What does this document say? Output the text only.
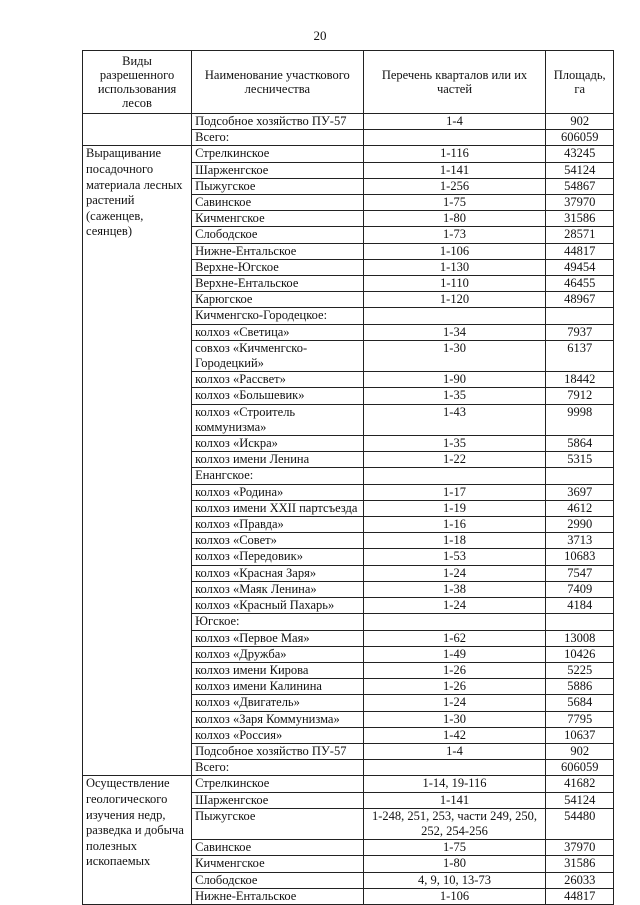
20
Виды разрешенного использования лесов	Наименование участкового лесничества	Перечень кварталов или их частей	Площадь, га
	Подсобное хозяйство ПУ-57	1-4	902
	Всего:		606059

Выращивание посадочного материала лесных растений (саженцев, сеянцев)	Стрелкинское	1-116	43245
	Шарженгское	1-141	54124
	Пыжугское	1-256	54867
	Савинское	1-75	37970
	Кичменгское	1-80	31586
	Слободское	1-73	28571
	Нижне-Ентальское	1-106	44817
	Верхне-Югское	1-130	49454
	Верхне-Ентальское	1-110	46455
	Карюгское	1-120	48967
	Кичменгско-Городецкое:		
	колхоз «Светица»	1-34	7937
	совхоз «Кичменгско-Городецкий»	1-30	6137
	колхоз «Рассвет»	1-90	18442
	колхоз «Большевик»	1-35	7912
	колхоз «Строитель коммунизма»	1-43	9998
	колхоз «Искра»	1-35	5864
	колхоз имени Ленина	1-22	5315
	Енангское:		
	колхоз «Родина»	1-17	3697
	колхоз имени XXII партсъезда	1-19	4612
	колхоз «Правда»	1-16	2990
	колхоз «Совет»	1-18	3713
	колхоз «Передовик»	1-53	10683
	колхоз «Красная Заря»	1-24	7547
	колхоз «Маяк Ленина»	1-38	7409
	колхоз «Красный Пахарь»	1-24	4184
	Югское:		
	колхоз «Первое Мая»	1-62	13008
	колхоз «Дружба»	1-49	10426
	колхоз имени Кирова	1-26	5225
	колхоз имени Калинина	1-26	5886
	колхоз «Двигатель»	1-24	5684
	колхоз «Заря Коммунизма»	1-30	7795
	колхоз «Россия»	1-42	10637
	Подсобное хозяйство ПУ-57	1-4	902
	Всего:		606059

Осуществление геологического изучения недр, разведка и добыча полезных ископаемых	Стрелкинское	1-14, 19-116	41682
	Шарженгское	1-141	54124
	Пыжугское	1-248, 251, 253, части 249, 250, 252, 254-256	54480
	Савинское	1-75	37970
	Кичменгское	1-80	31586
	Слободское	4, 9, 10, 13-73	26033
	Нижне-Ентальское	1-106	44817
